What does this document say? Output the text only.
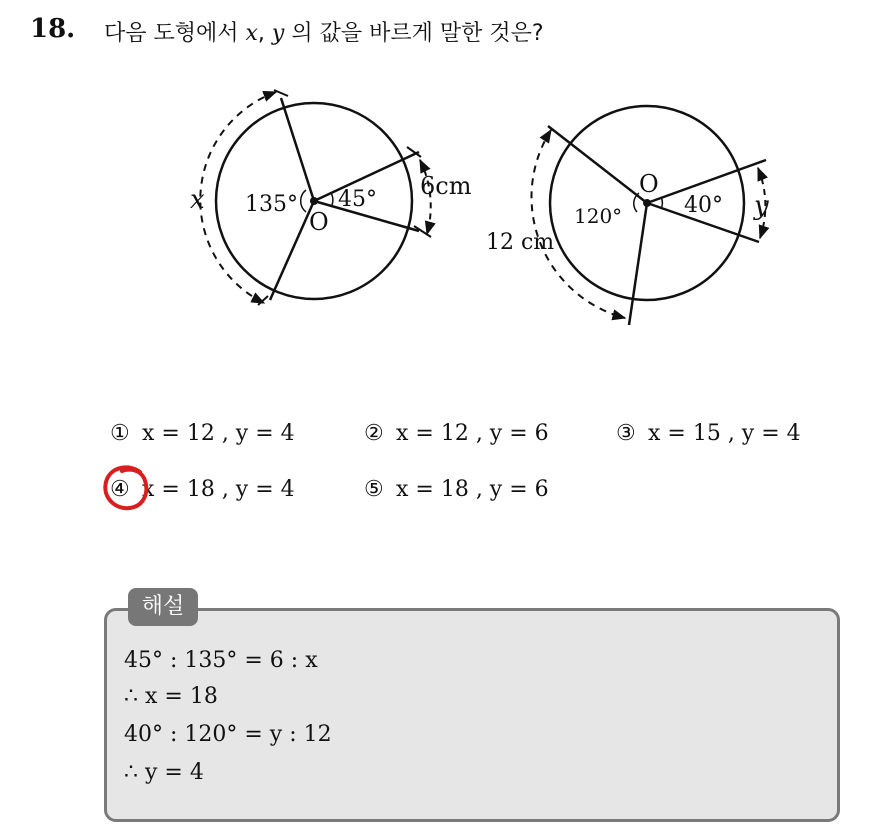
18. 다음 도형에서 x, y 의 값을 바르게 말한 것은?
135° 45°
O
6cm
x
120°	40°
O
y
12 cm
① x = 12 , y = 4	② x = 12 , y = 6	③ x = 15 , y = 4
④ x = 18 , y = 4	⑤ x = 18 , y = 6
해설
45° : 135° = 6 : x
∴ x = 18
40° : 120° = y : 12
∴ y = 4
